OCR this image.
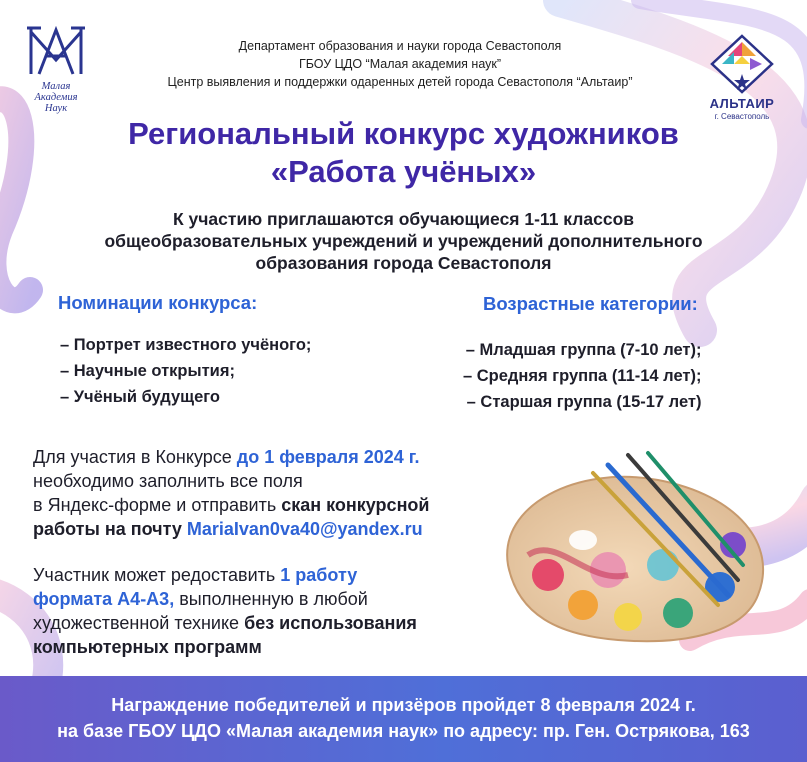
Малая
Академия
Наук
Департамент образования и науки города Севастополя
ГБОУ ЦДО “Малая академия наук”
Центр выявления и поддержки одаренных детей города Севастополя “Альтаир”
АЛЬТАИР
г. Севастополь
Региональный конкурс художников
«Работа учёных»
К участию приглашаются обучающиеся 1-11 классов
общеобразовательных учреждений и учреждений дополнительного
образования города Севастополя
Номинации конкурса:
– Портрет известного учёного;
– Научные открытия;
– Учёный будущего
Возрастные категории:
– Младшая группа (7-10 лет);
– Средняя группа (11-14 лет);
– Старшая группа (15-17 лет)
Для участия в Конкурсе до 1 февраля 2024 г.
необходимо заполнить все поля
в Яндекс-форме и отправить скан конкурсной
работы на почту MariaIvan0va40@yandex.ru
Участник может редоставить 1 работу
формата А4-А3, выполненную в любой
художественной технике без использования
компьютерных программ
Награждение победителей и призёров пройдет 8 февраля 2024 г.
на базе ГБОУ ЦДО «Малая академия наук» по адресу: пр. Ген. Острякова, 163
